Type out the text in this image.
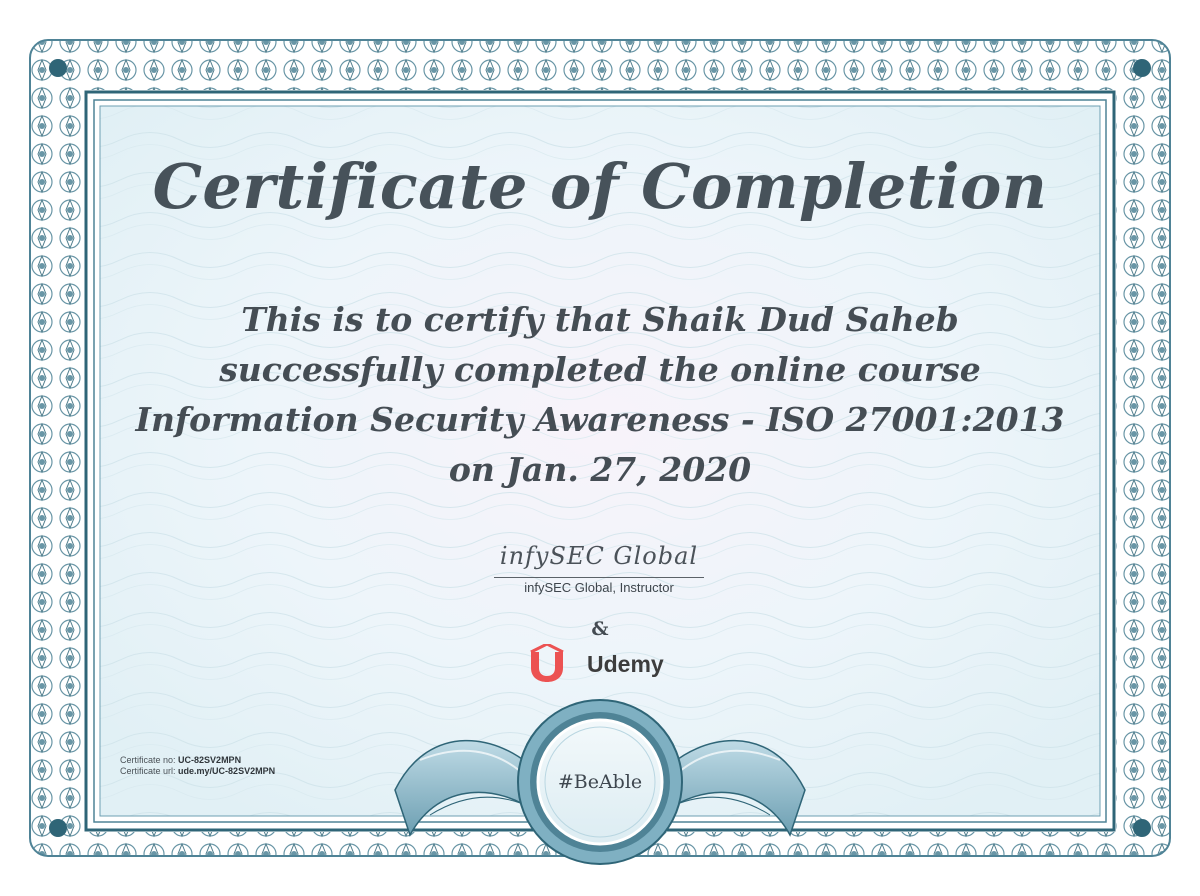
Certificate of Completion
This is to certify that Shaik Dud Saheb
successfully completed the online course
Information Security Awareness - ISO 27001:2013
on Jan. 27, 2020
infySEC Global
infySEC Global, Instructor
&
Udemy
Certificate no: UC-82SV2MPN
Certificate url: ude.my/UC-82SV2MPN	#BeAble
